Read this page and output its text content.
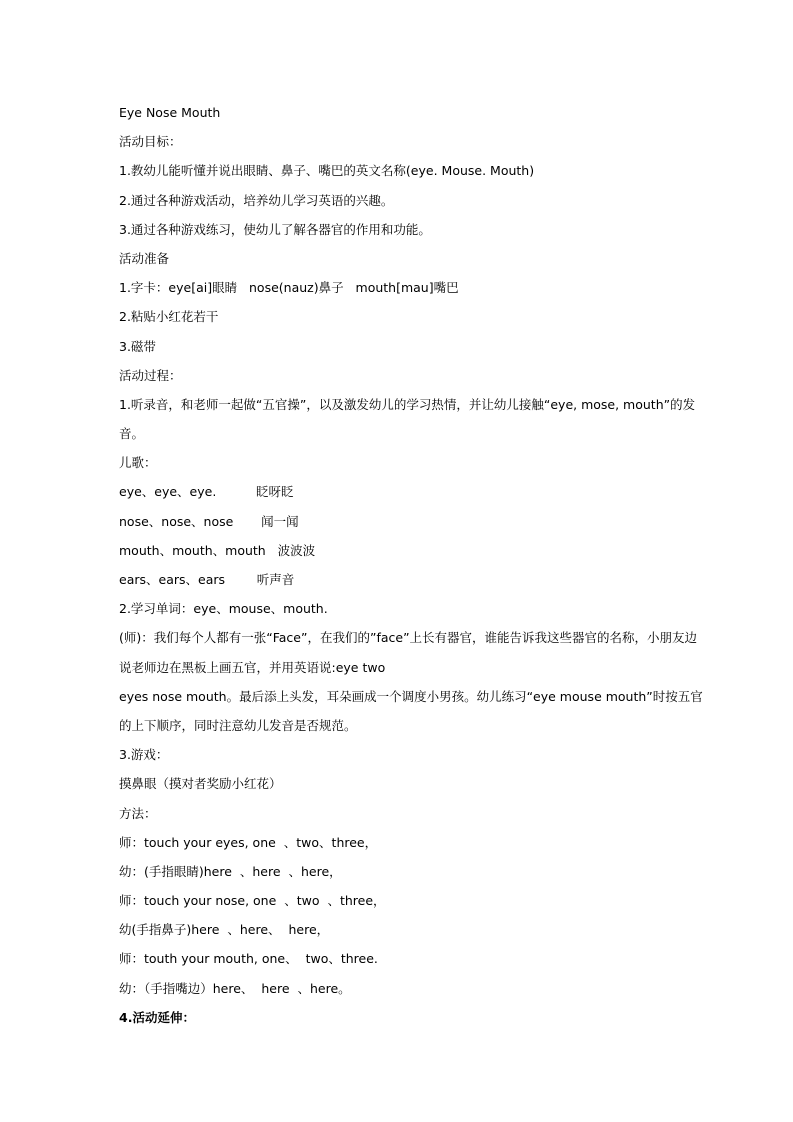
Eye Nose Mouth
活动目标：
1.教幼儿能听懂并说出眼睛、鼻子、嘴巴的英文名称(eye. Mouse. Mouth)
2.通过各种游戏活动，培养幼儿学习英语的兴趣。
3.通过各种游戏练习，使幼儿了解各器官的作用和功能。
活动准备
1.字卡：eye[ai]眼睛   nose(nauz)鼻子   mouth[mau]嘴巴
2.粘贴小红花若干
3.磁带
活动过程：
1.听录音，和老师一起做“五官操”，以及激发幼儿的学习热情，并让幼儿接触“eye, mose, mouth”的发
音。
儿歌：
eye、eye、eye.          眨呀眨
nose、nose、nose       闻一闻
mouth、mouth、mouth   波波波
ears、ears、ears        听声音
2.学习单词：eye、mouse、mouth.
(师)：我们每个人都有一张“Face”，在我们的”face”上长有器官，谁能告诉我这些器官的名称，小朋友边
说老师边在黑板上画五官，并用英语说:eye two
eyes nose mouth。最后添上头发，耳朵画成一个调度小男孩。幼儿练习“eye mouse mouth”时按五官
的上下顺序，同时注意幼儿发音是否规范。
3.游戏：
摸鼻眼（摸对者奖励小红花）
方法：
师：touch your eyes, one  、two、three，
幼：(手指眼睛)here  、here  、here，
师：touch your nose, one  、two  、three，
幼(手指鼻子)here  、here、  here，
师：touth your mouth, one、  two、three.
幼：（手指嘴边）here、  here  、here。
4.活动延伸：
